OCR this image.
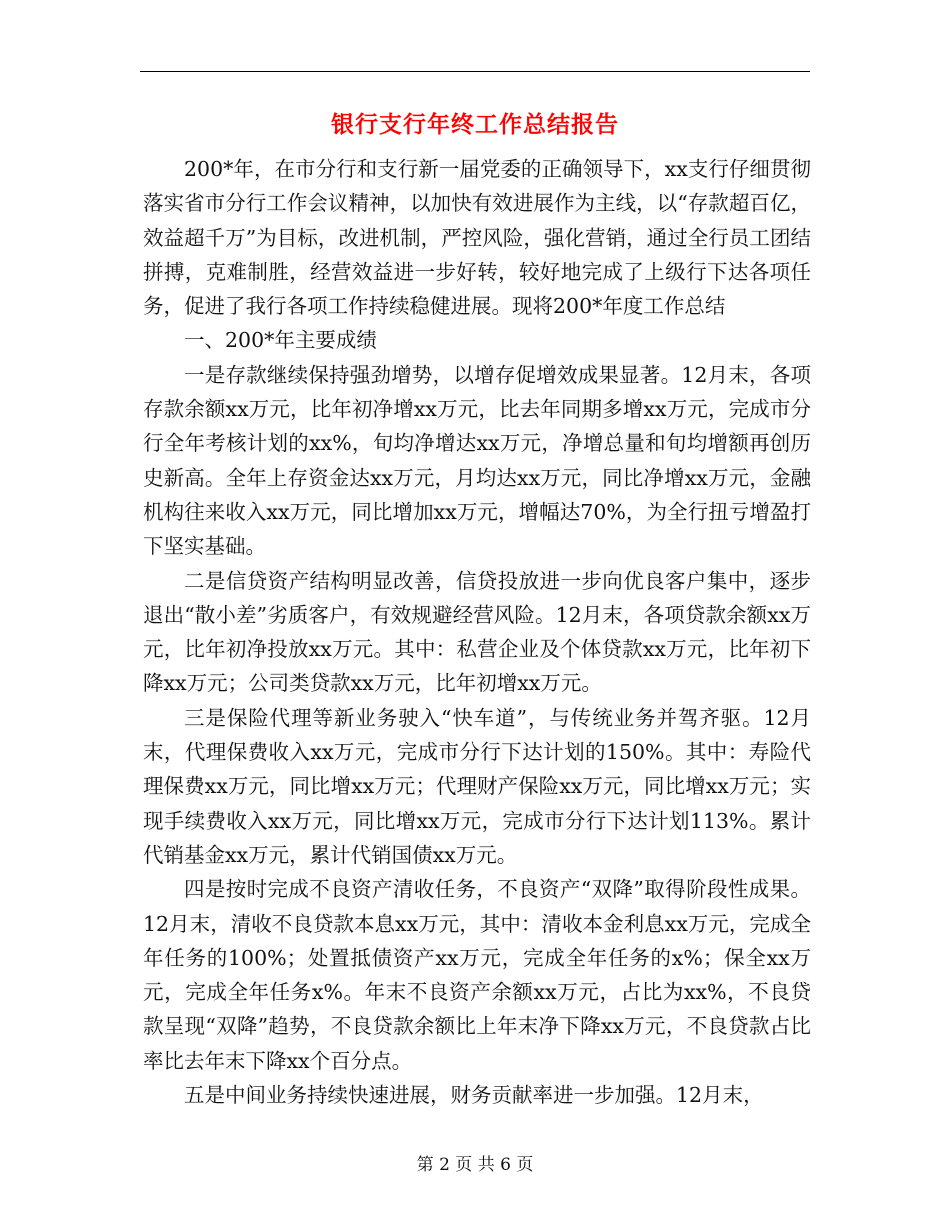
银行支行年终工作总结报告

200*年，在市分行和支行新一届党委的正确领导下，xx支行仔细贯彻落实省市分行工作会议精神，以加快有效进展作为主线，以“存款超百亿，效益超千万”为目标，改进机制，严控风险，强化营销，通过全行员工团结拼搏，克难制胜，经营效益进一步好转，较好地完成了上级行下达各项任务，促进了我行各项工作持续稳健进展。现将200*年度工作总结

一、200*年主要成绩

一是存款继续保持强劲增势，以增存促增效成果显著。12月末，各项存款余额xx万元，比年初净增xx万元，比去年同期多增xx万元，完成市分行全年考核计划的xx%，旬均净增达xx万元，净增总量和旬均增额再创历史新高。全年上存资金达xx万元，月均达xx万元，同比净增xx万元，金融机构往来收入xx万元，同比增加xx万元，增幅达70%，为全行扭亏增盈打下坚实基础。

二是信贷资产结构明显改善，信贷投放进一步向优良客户集中，逐步退出“散小差”劣质客户，有效规避经营风险。12月末，各项贷款余额xx万元，比年初净投放xx万元。其中：私营企业及个体贷款xx万元，比年初下降xx万元；公司类贷款xx万元，比年初增xx万元。

三是保险代理等新业务驶入“快车道”，与传统业务并驾齐驱。12月末，代理保费收入xx万元，完成市分行下达计划的150%。其中：寿险代理保费xx万元，同比增xx万元；代理财产保险xx万元，同比增xx万元；实现手续费收入xx万元，同比增xx万元，完成市分行下达计划113%。累计代销基金xx万元，累计代销国债xx万元。

四是按时完成不良资产清收任务，不良资产“双降”取得阶段性成果。12月末，清收不良贷款本息xx万元，其中：清收本金利息xx万元，完成全年任务的100%；处置抵债资产xx万元，完成全年任务的x%；保全xx万元，完成全年任务x%。年末不良资产余额xx万元，占比为xx%，不良贷款呈现“双降”趋势，不良贷款余额比上年末净下降xx万元，不良贷款占比率比去年末下降xx个百分点。

五是中间业务持续快速进展，财务贡献率进一步加强。12月末，

第 2 页 共 6 页
